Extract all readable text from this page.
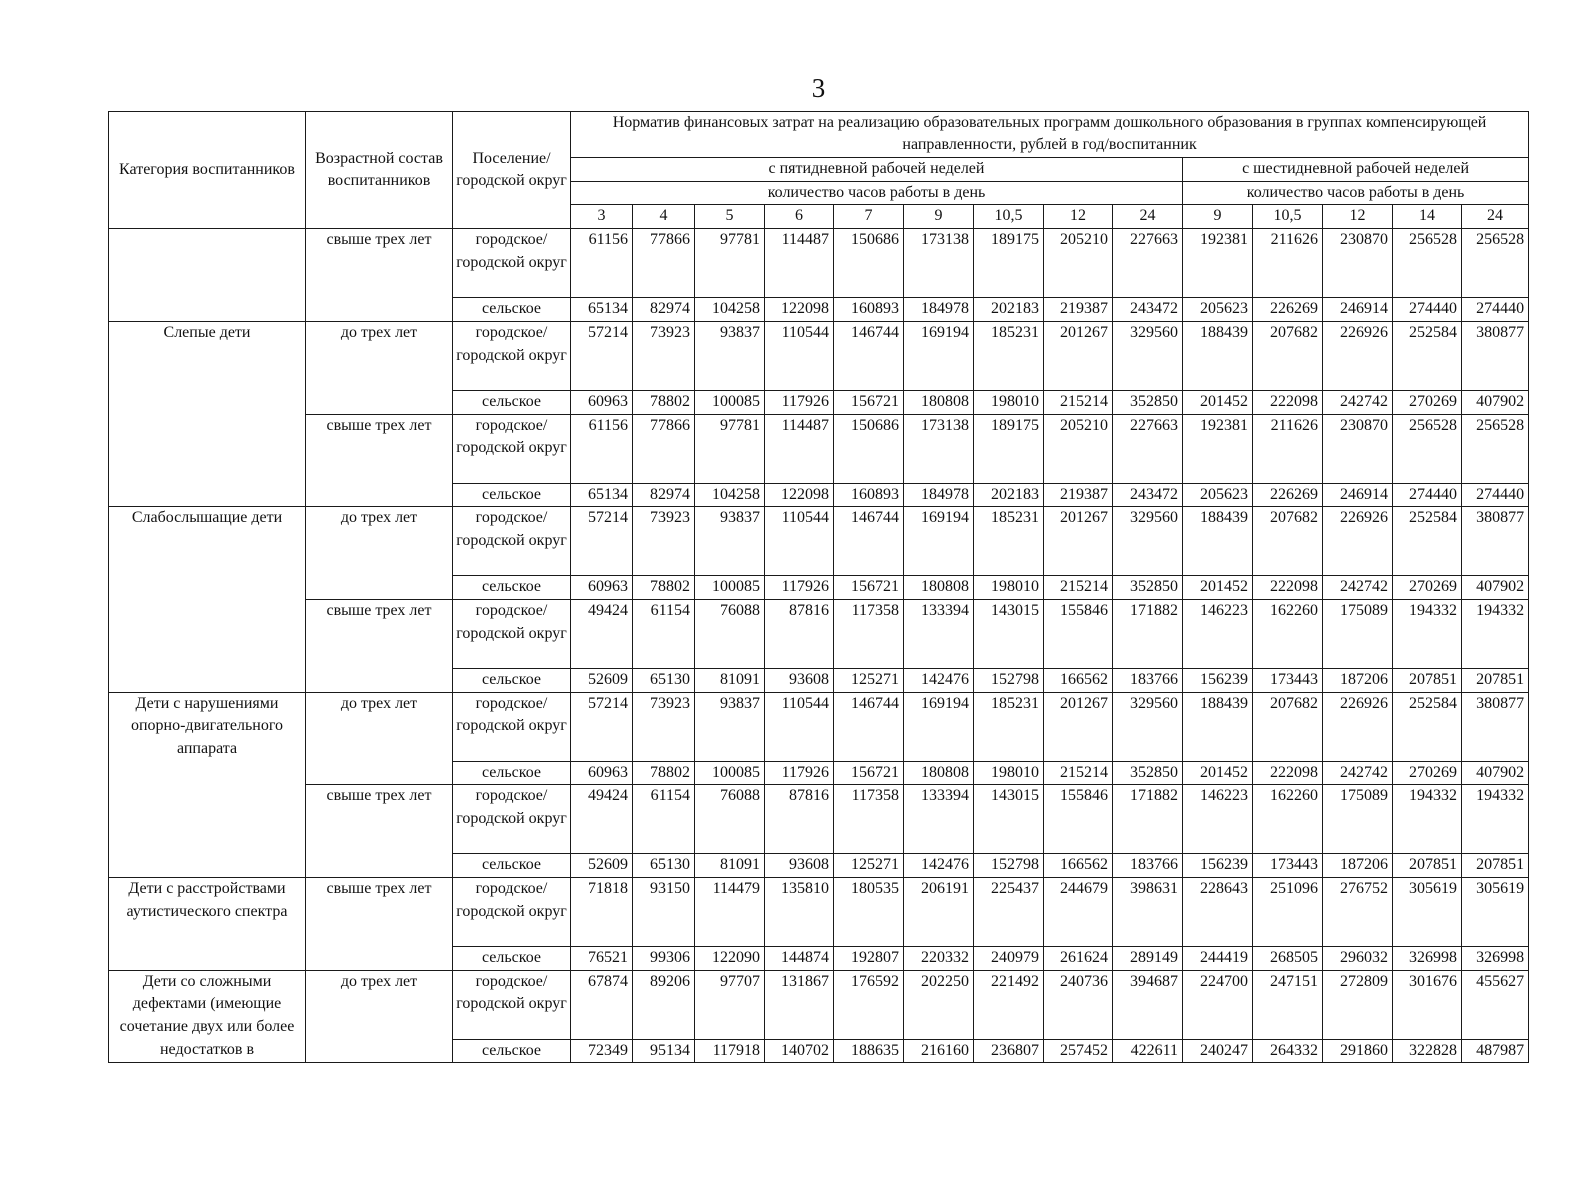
3
Категория воспитанников	Возрастной состав воспитанников	Поселение/ городской округ	Норматив финансовых затрат на реализацию образовательных программ дошкольного образования в группах компенсирующей направленности, рублей в год/воспитанник													
			с пятидневной рабочей неделей									с шестидневной рабочей неделей				
			количество часов работы в день									количество часов работы в день				
			3	4	5	6	7	9	10,5	12	24	9	10,5	12	14	24
	свыше трех лет	городское/ городской округ	61156	77866	97781	114487	150686	173138	189175	205210	227663	192381	211626	230870	256528	256528
		сельское	65134	82974	104258	122098	160893	184978	202183	219387	243472	205623	226269	246914	274440	274440
Слепые дети	до трех лет	городское/ городской округ	57214	73923	93837	110544	146744	169194	185231	201267	329560	188439	207682	226926	252584	380877
		сельское	60963	78802	100085	117926	156721	180808	198010	215214	352850	201452	222098	242742	270269	407902
	свыше трех лет	городское/ городской округ	61156	77866	97781	114487	150686	173138	189175	205210	227663	192381	211626	230870	256528	256528
		сельское	65134	82974	104258	122098	160893	184978	202183	219387	243472	205623	226269	246914	274440	274440
Слабослышащие дети	до трех лет	городское/ городской округ	57214	73923	93837	110544	146744	169194	185231	201267	329560	188439	207682	226926	252584	380877
		сельское	60963	78802	100085	117926	156721	180808	198010	215214	352850	201452	222098	242742	270269	407902
	свыше трех лет	городское/ городской округ	49424	61154	76088	87816	117358	133394	143015	155846	171882	146223	162260	175089	194332	194332
		сельское	52609	65130	81091	93608	125271	142476	152798	166562	183766	156239	173443	187206	207851	207851
Дети с нарушениями опорно-двигательного аппарата	до трех лет	городское/ городской округ	57214	73923	93837	110544	146744	169194	185231	201267	329560	188439	207682	226926	252584	380877
		сельское	60963	78802	100085	117926	156721	180808	198010	215214	352850	201452	222098	242742	270269	407902
	свыше трех лет	городское/ городской округ	49424	61154	76088	87816	117358	133394	143015	155846	171882	146223	162260	175089	194332	194332
		сельское	52609	65130	81091	93608	125271	142476	152798	166562	183766	156239	173443	187206	207851	207851
Дети с расстройствами аутистического спектра	свыше трех лет	городское/ городской округ	71818	93150	114479	135810	180535	206191	225437	244679	398631	228643	251096	276752	305619	305619
		сельское	76521	99306	122090	144874	192807	220332	240979	261624	289149	244419	268505	296032	326998	326998
Дети со сложными дефектами (имеющие сочетание двух или более недостатков в	до трех лет	городское/ городской округ	67874	89206	97707	131867	176592	202250	221492	240736	394687	224700	247151	272809	301676	455627
		сельское	72349	95134	117918	140702	188635	216160	236807	257452	422611	240247	264332	291860	322828	487987
